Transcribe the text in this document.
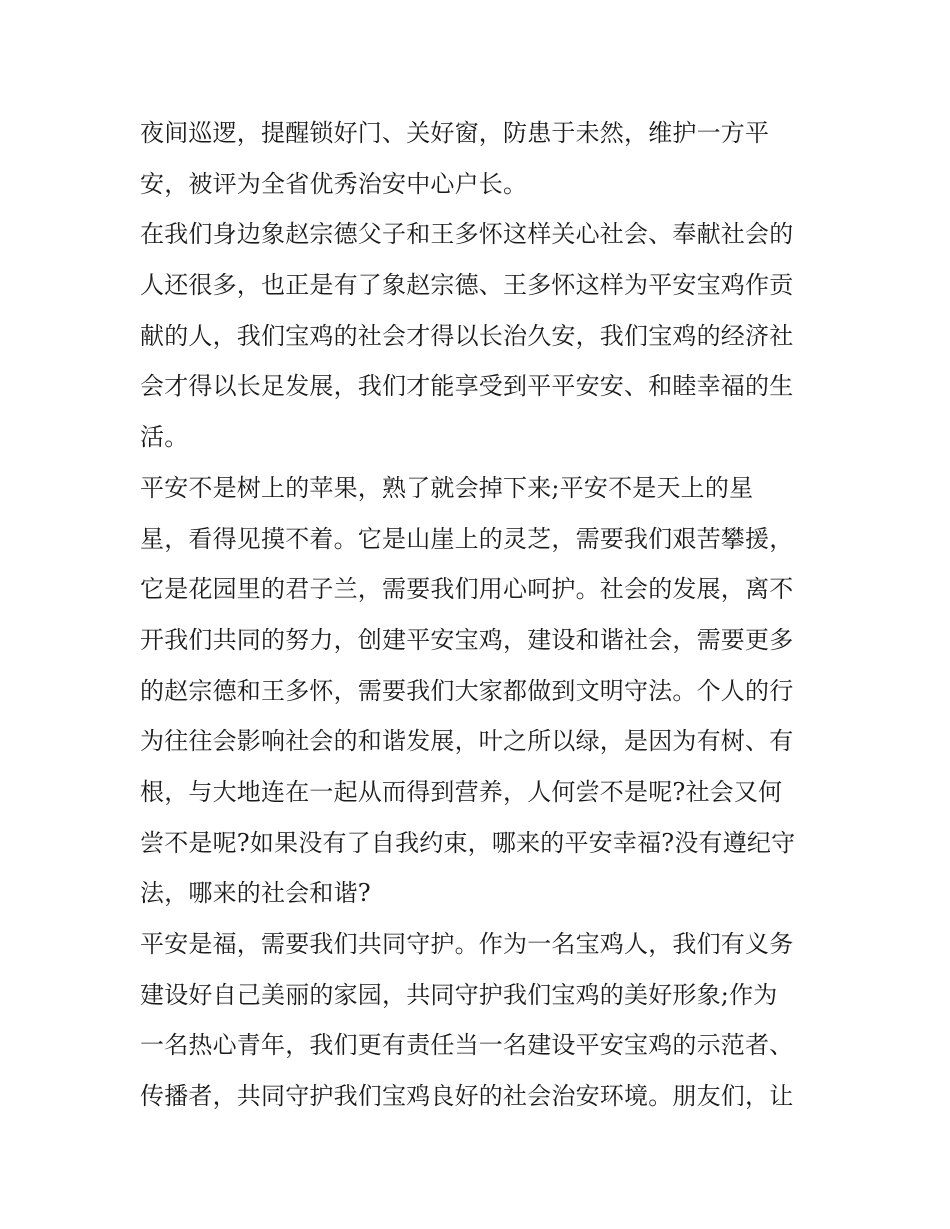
夜间巡逻，提醒锁好门、关好窗，防患于未然，维护一方平
安，被评为全省优秀治安中心户长。
在我们身边象赵宗德父子和王多怀这样关心社会、奉献社会的
人还很多，也正是有了象赵宗德、王多怀这样为平安宝鸡作贡
献的人，我们宝鸡的社会才得以长治久安，我们宝鸡的经济社
会才得以长足发展，我们才能享受到平平安安、和睦幸福的生
活。
平安不是树上的苹果，熟了就会掉下来;平安不是天上的星
星，看得见摸不着。它是山崖上的灵芝，需要我们艰苦攀援，
它是花园里的君子兰，需要我们用心呵护。社会的发展，离不
开我们共同的努力，创建平安宝鸡，建设和谐社会，需要更多
的赵宗德和王多怀，需要我们大家都做到文明守法。个人的行
为往往会影响社会的和谐发展，叶之所以绿，是因为有树、有
根，与大地连在一起从而得到营养，人何尝不是呢?社会又何
尝不是呢?如果没有了自我约束，哪来的平安幸福?没有遵纪守
法，哪来的社会和谐?
平安是福，需要我们共同守护。作为一名宝鸡人，我们有义务
建设好自己美丽的家园，共同守护我们宝鸡的美好形象;作为
一名热心青年，我们更有责任当一名建设平安宝鸡的示范者、
传播者，共同守护我们宝鸡良好的社会治安环境。朋友们，让
